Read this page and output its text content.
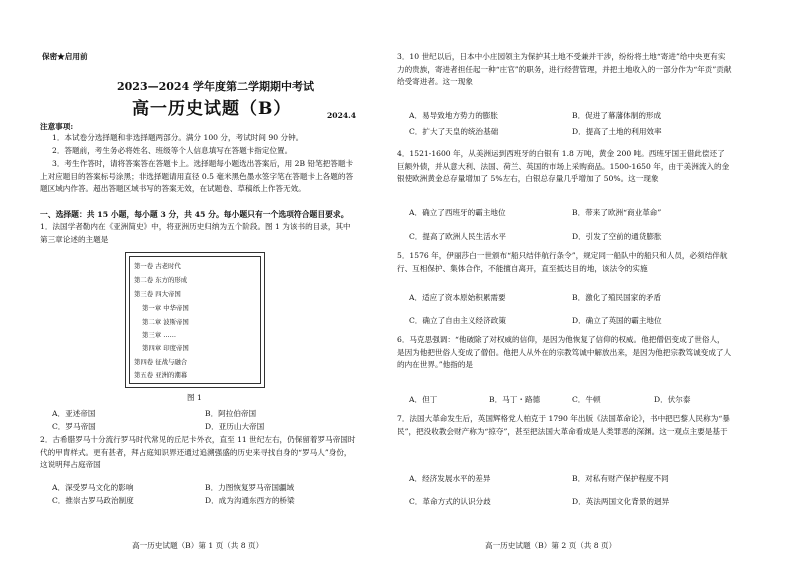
保密★启用前
2023—2024 学年度第二学期期中考试
高一历史试题（B）	2024.4
注意事项:
1．本试卷分选择题和非选择题两部分。满分 100 分，考试时间 90 分钟。
2．答题前，考生务必将姓名、班级等个人信息填写在答题卡指定位置。
3．考生作答时，请将答案答在答题卡上。选择题每小题选出答案后，用 2B 铅笔把答题卡上对应题目的答案标号涂黑；非选择题请用直径 0.5 毫米黑色墨水签字笔在答题卡上各题的答题区域内作答。超出答题区域书写的答案无效，在试题卷、草稿纸上作答无效。
一、选择题：共 15 小题，每小题 3 分，共 45 分。每小题只有一个选项符合题目要求。
1．法国学者勒内在《亚洲简史》中，将亚洲历史归纳为五个阶段。图 1 为该书的目录，其中第三章论述的主题是
第一卷 古老时代
第二卷 东方的形成
第三卷 四大帝国
第一章 中华帝国
第二章 波斯帝国
第三章 ……
第四章 印度帝国
第四卷 征战与融合
第五卷 亚洲的潮幕
图 1
A．亚述帝国	B．阿拉伯帝国
C．罗马帝国	D．亚历山大帝国
2．古希腊罗马十分流行罗马时代常见的丘尼卡外衣，直至 11 世纪左右，仍保留着罗马帝国时代的甲胄样式。更有甚者，拜占庭知识界还通过追溯强盛的历史来寻找自身的“罗马人”身份，这说明拜占庭帝国
A．深受罗马文化的影响	B．力图恢复罗马帝国疆域
C．推崇古罗马政治制度	D．成为沟通东西方的桥梁
高一历史试题（B）第 1 页（共 8 页）
3．10 世纪以后，日本中小庄园领主为保护其土地不受兼并干涉，纷纷将土地“寄进”给中央更有实力的贵族，寄进者担任起一种“庄官”的职务，进行经营管理，并把土地收入的一部分作为“年贡”贡献给受寄进者。这一现象
A．易导致地方势力的膨胀	B．促进了幕藩体制的形成
C．扩大了天皇的统治基础	D．提高了土地的利用效率
4．1521-1600 年，从美洲运到西班牙的白银有 1.8 万吨，黄金 200 吨。西班牙国王借此偿还了巨额外债，并从意大利、法国、荷兰、英国的市场上采购商品。1500-1650 年，由于美洲流入的金银使欧洲黄金总存量增加了 5%左右，白银总存量几乎增加了 50%。这一现象
A．确立了西班牙的霸主地位	B．带来了欧洲“商业革命”
C．提高了欧洲人民生活水平	D．引发了空前的通货膨胀
5．1576 年，伊丽莎白一世颁布“船只结伴航行条令”，规定同一船队中的船只和人员，必须结伴航行、互相保护、集体合作，不能擅自离开，直至抵达目的地，该法令的实施
A．适应了资本原始积累需要	B．激化了殖民国家的矛盾
C．确立了自由主义经济政策	D．确立了英国的霸主地位
6．马克思强调：“他破除了对权威的信仰，是因为他恢复了信仰的权威。他把僧侣变成了世俗人，是因为他把世俗人变成了僧侣。他把人从外在的宗教笃诚中解放出来，是因为他把宗教笃诚变成了人的内在世界。”他指的是
A．但丁	B．马丁・路德	C．牛顿	D．伏尔泰
7．法国大革命发生后，英国辉格党人柏克于 1790 年出版《法国革命论》，书中把巴黎人民称为“暴民”，把没收教会财产称为“掠夺”，甚至把法国大革命看成是人类罪恶的深渊。这一观点主要是基于
A．经济发展水平的差异	B．对私有财产保护程度不同
C．革命方式的认识分歧	D．英法两国文化背景的迥异
高一历史试题（B）第 2 页（共 8 页）
